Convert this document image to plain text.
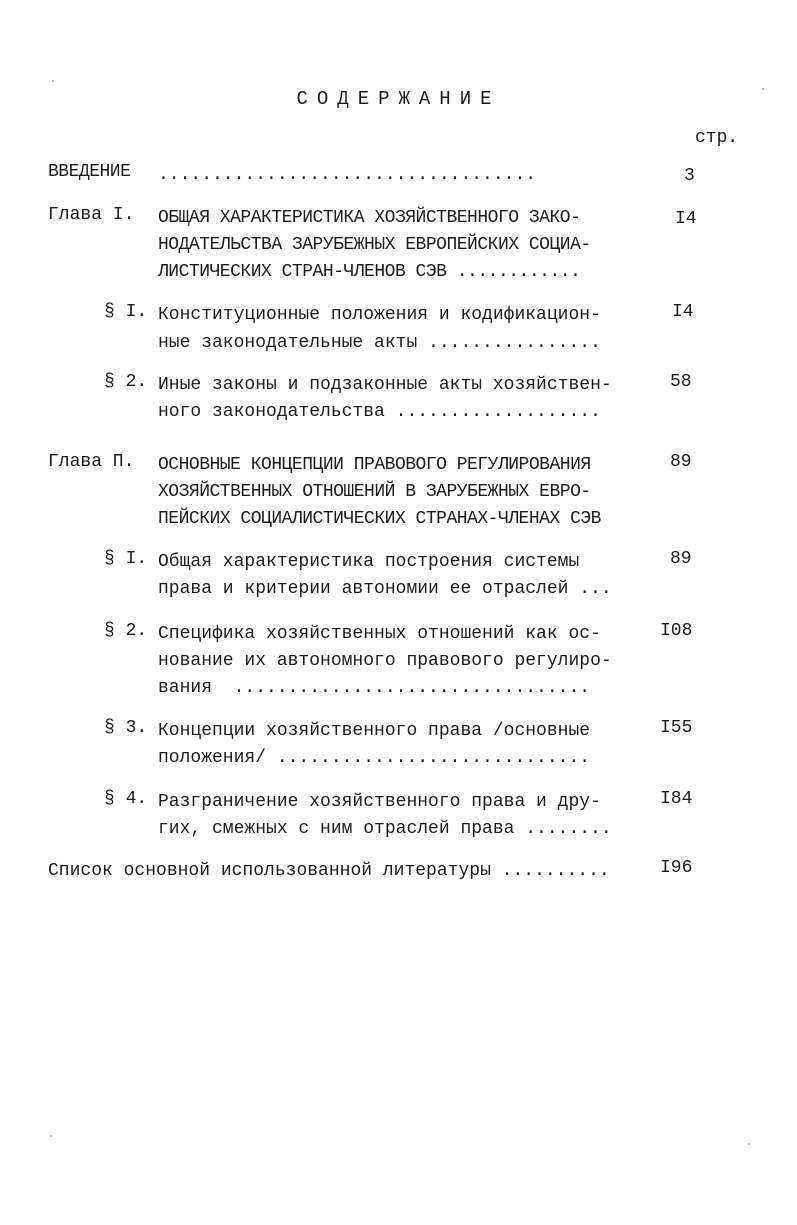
СОДЕРЖАНИЕ
стр.
ВВЕДЕНИЕ ...................................	3
Глава I. ОБЩАЯ ХАРАКТЕРИСТИКА ХОЗЯЙСТВЕННОГО ЗАКО-
НОДАТЕЛЬСТВА ЗАРУБЕЖНЫХ ЕВРОПЕЙСКИХ СОЦИА-
ЛИСТИЧЕСКИХ СТРАН-ЧЛЕНОВ СЭВ ............
I4
§ I. Конституционные положения и кодификацион-
ные законодательные акты ................
I4
§ 2. Иные законы и подзаконные акты хозяйствен-
ного законодательства ...................
58
Глава П. ОСНОВНЫЕ КОНЦЕПЦИИ ПРАВОВОГО РЕГУЛИРОВАНИЯ
ХОЗЯЙСТВЕННЫХ ОТНОШЕНИЙ В ЗАРУБЕЖНЫХ ЕВРО-
ПЕЙСКИХ СОЦИАЛИСТИЧЕСКИХ СТРАНАХ-ЧЛЕНАХ СЭВ
89
§ I. Общая характеристика построения системы
права и критерии автономии ее отраслей ...
89
§ 2. Специфика хозяйственных отношений как ос-
нование их автономного правового регулиро-
вания  .................................
I08
§ 3. Концепции хозяйственного права /основные
положения/ .............................
I55
§ 4. Разграничение хозяйственного права и дру-
гих, смежных с ним отраслей права ........
I84
Список основной использованной литературы ..........	I96
